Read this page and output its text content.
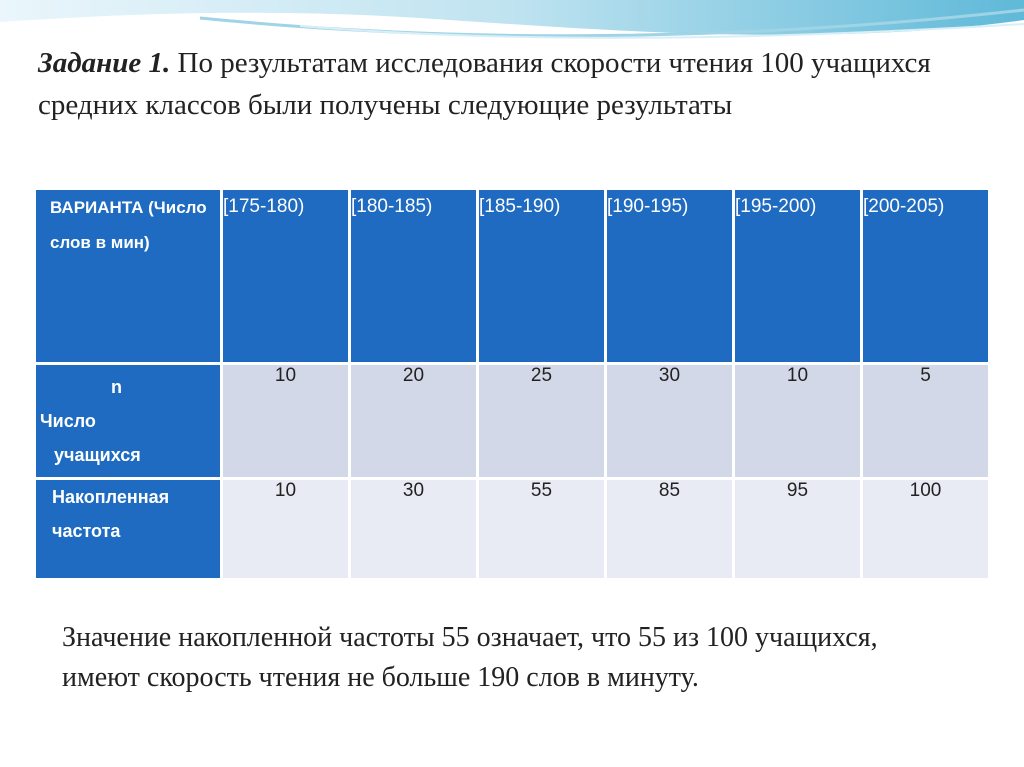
Задание 1. По результатам исследования скорости чтения 100 учащихся средних классов были получены следующие результаты

ВАРИАНТА (Число слов в мин)	[175-180)	[180-185)	[185-190)	[190-195)	[195-200)	[200-205)

n
Число
учащихся	10	20	25	30	10	5
Накопленная частота	10	30	55	85	95	100

Значение накопленной частоты 55 означает, что 55 из 100 учащихся, имеют скорость чтения не больше 190 слов в минуту.
